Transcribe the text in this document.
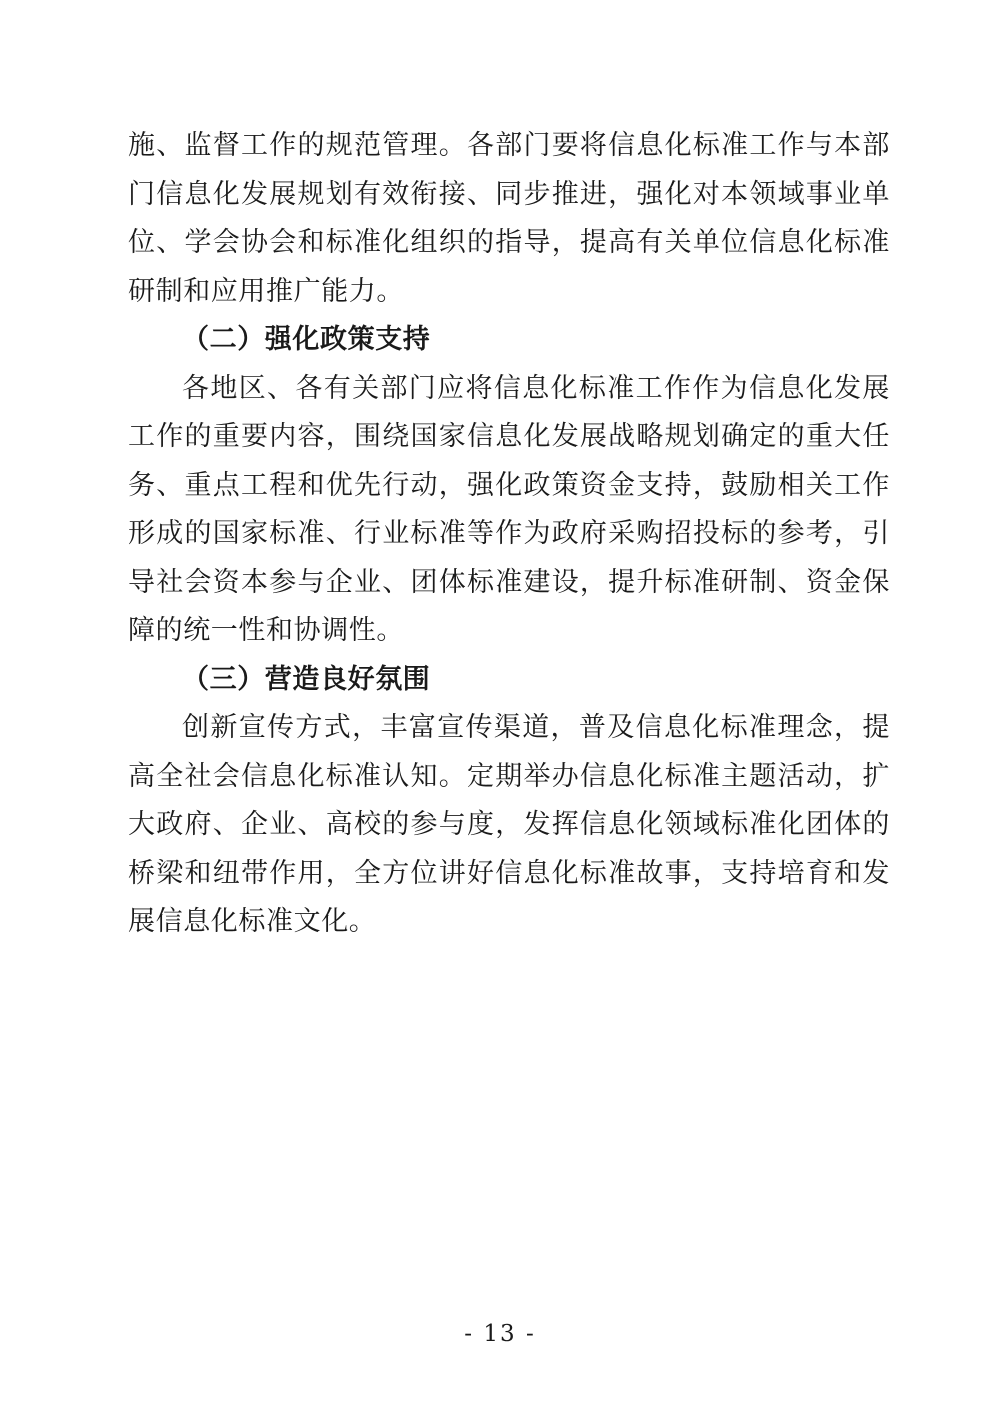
施、监督工作的规范管理。各部门要将信息化标准工作与本部门信息化发展规划有效衔接、同步推进，强化对本领域事业单位、学会协会和标准化组织的指导，提高有关单位信息化标准研制和应用推广能力。

（二）强化政策支持

各地区、各有关部门应将信息化标准工作作为信息化发展工作的重要内容，围绕国家信息化发展战略规划确定的重大任务、重点工程和优先行动，强化政策资金支持，鼓励相关工作形成的国家标准、行业标准等作为政府采购招投标的参考，引导社会资本参与企业、团体标准建设，提升标准研制、资金保障的统一性和协调性。

（三）营造良好氛围

创新宣传方式，丰富宣传渠道，普及信息化标准理念，提高全社会信息化标准认知。定期举办信息化标准主题活动，扩大政府、企业、高校的参与度，发挥信息化领域标准化团体的桥梁和纽带作用，全方位讲好信息化标准故事，支持培育和发展信息化标准文化。

- 13 -
